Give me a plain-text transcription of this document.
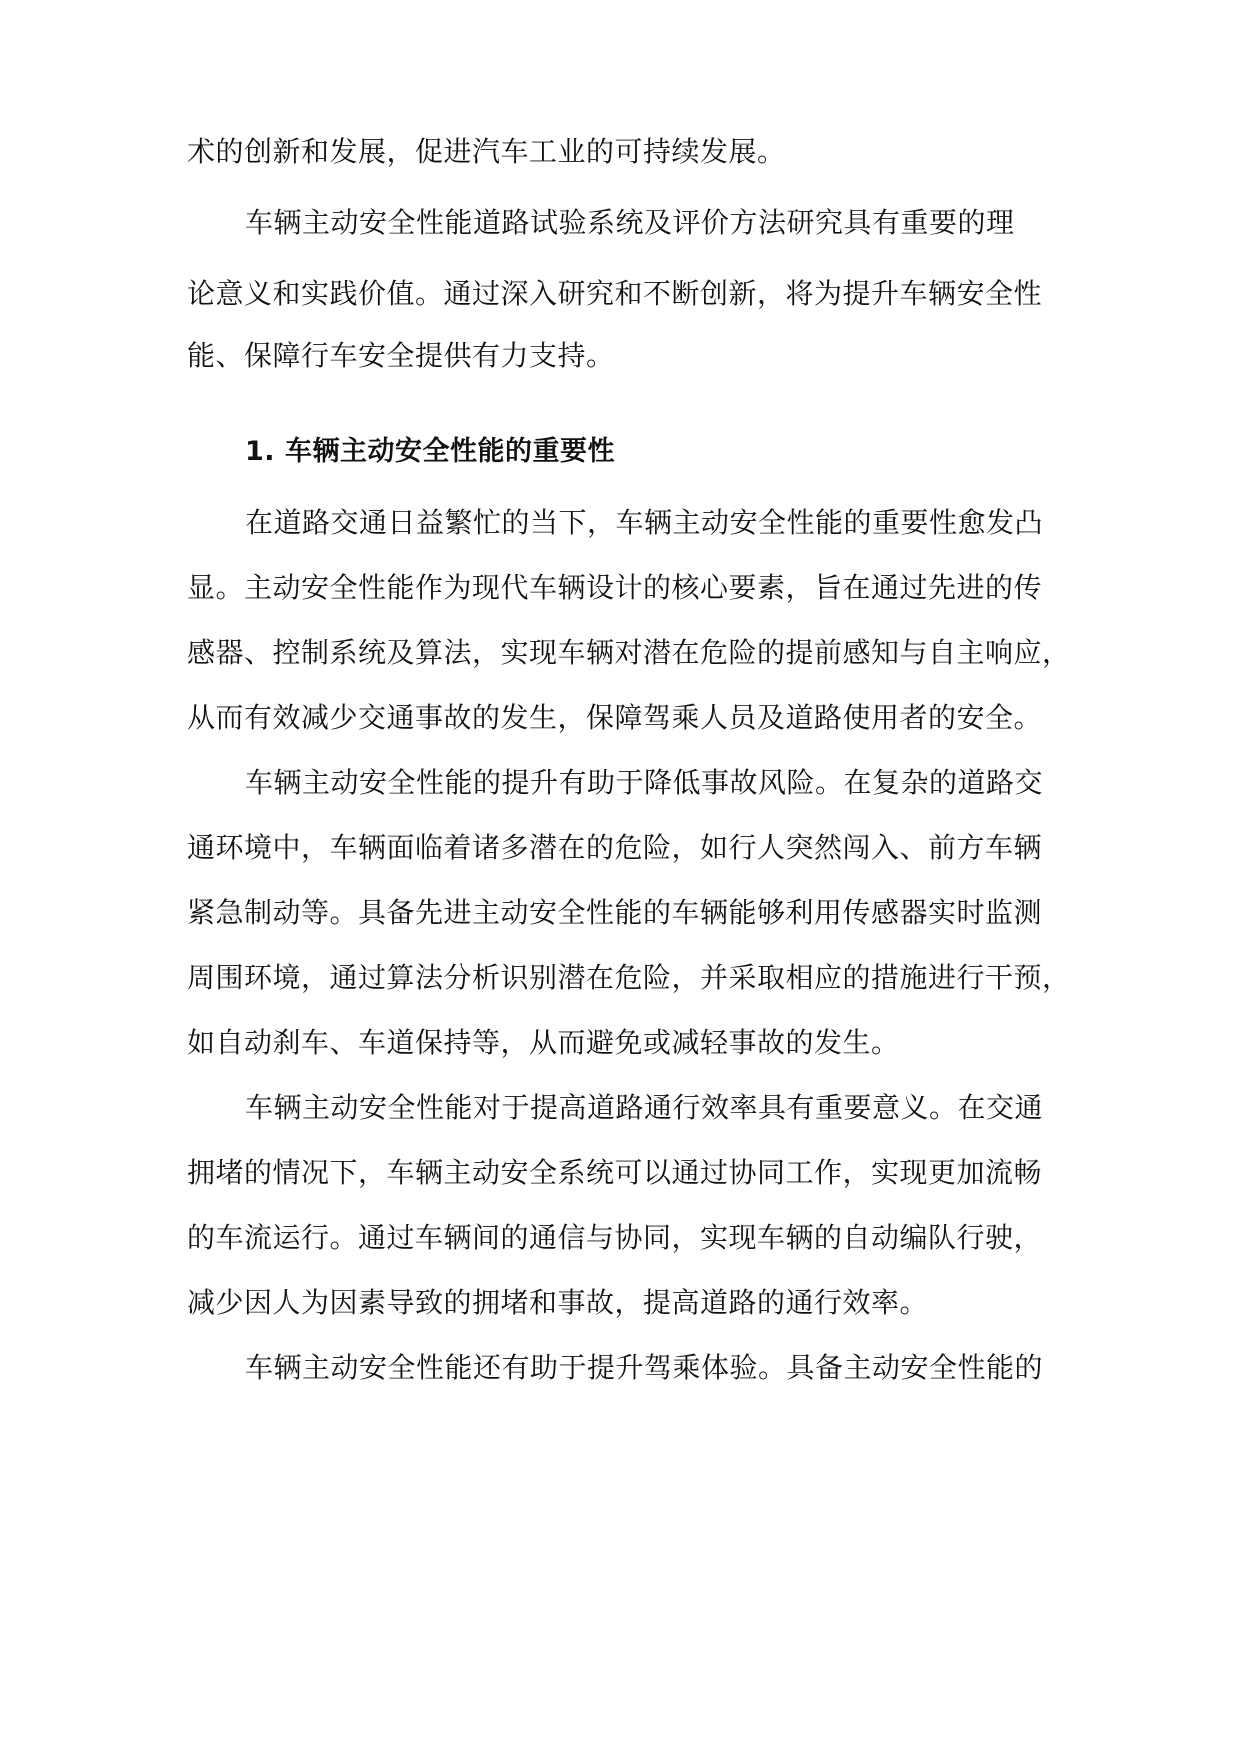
术的创新和发展，促进汽车工业的可持续发展。
车辆主动安全性能道路试验系统及评价方法研究具有重要的理
论意义和实践价值。通过深入研究和不断创新，将为提升车辆安全性
能、保障行车安全提供有力支持。
1. 车辆主动安全性能的重要性
在道路交通日益繁忙的当下，车辆主动安全性能的重要性愈发凸
显。主动安全性能作为现代车辆设计的核心要素，旨在通过先进的传
感器、控制系统及算法，实现车辆对潜在危险的提前感知与自主响应，
从而有效减少交通事故的发生，保障驾乘人员及道路使用者的安全。
车辆主动安全性能的提升有助于降低事故风险。在复杂的道路交
通环境中，车辆面临着诸多潜在的危险，如行人突然闯入、前方车辆
紧急制动等。具备先进主动安全性能的车辆能够利用传感器实时监测
周围环境，通过算法分析识别潜在危险，并采取相应的措施进行干预，
如自动刹车、车道保持等，从而避免或减轻事故的发生。
车辆主动安全性能对于提高道路通行效率具有重要意义。在交通
拥堵的情况下，车辆主动安全系统可以通过协同工作，实现更加流畅
的车流运行。通过车辆间的通信与协同，实现车辆的自动编队行驶，
减少因人为因素导致的拥堵和事故，提高道路的通行效率。
车辆主动安全性能还有助于提升驾乘体验。具备主动安全性能的
